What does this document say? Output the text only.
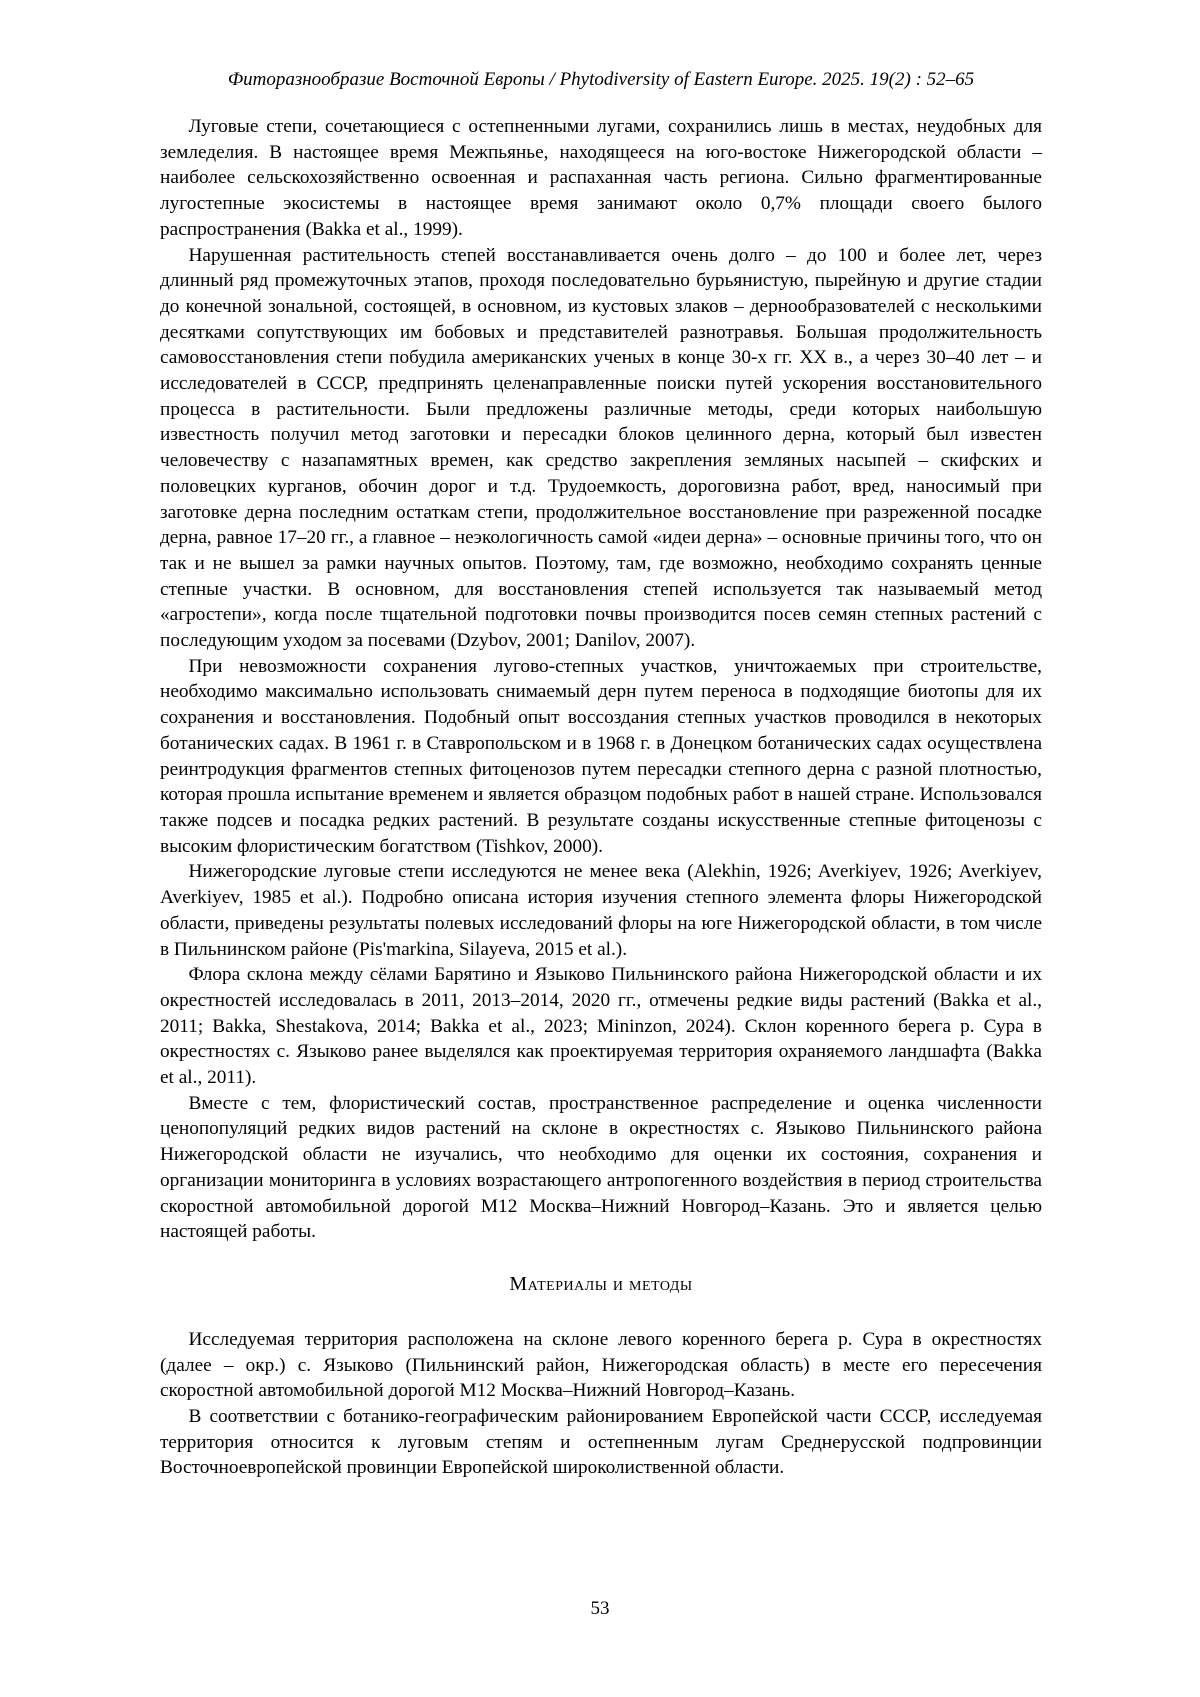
Фиторазнообразие Восточной Европы / Phytodiversity of Eastern Europe. 2025. 19(2) : 52–65

Луговые степи, сочетающиеся с остепненными лугами, сохранились лишь в местах, неудобных для земледелия. В настоящее время Межпьянье, находящееся на юго-востоке Нижегородской области – наиболее сельскохозяйственно освоенная и распаханная часть региона. Сильно фрагментированные лугостепные экосистемы в настоящее время занимают около 0,7% площади своего былого распространения (Bakka et al., 1999).

Нарушенная растительность степей восстанавливается очень долго – до 100 и более лет, через длинный ряд промежуточных этапов, проходя последовательно бурьянистую, пырейную и другие стадии до конечной зональной, состоящей, в основном, из кустовых злаков – дернообразователей с несколькими десятками сопутствующих им бобовых и представителей разнотравья. Большая продолжительность самовосстановления степи побудила американских ученых в конце 30-х гг. XX в., а через 30–40 лет – и исследователей в СССР, предпринять целенаправленные поиски путей ускорения восстановительного процесса в растительности. Были предложены различные методы, среди которых наибольшую известность получил метод заготовки и пересадки блоков целинного дерна, который был известен человечеству с назапамятных времен, как средство закрепления земляных насыпей – скифских и половецких курганов, обочин дорог и т.д. Трудоемкость, дороговизна работ, вред, наносимый при заготовке дерна последним остаткам степи, продолжительное восстановление при разреженной посадке дерна, равное 17–20 гг., а главное – неэкологичность самой «идеи дерна» – основные причины того, что он так и не вышел за рамки научных опытов. Поэтому, там, где возможно, необходимо сохранять ценные степные участки. В основном, для восстановления степей используется так называемый метод «агростепи», когда после тщательной подготовки почвы производится посев семян степных растений с последующим уходом за посевами (Dzybov, 2001; Danilov, 2007).

При невозможности сохранения лугово-степных участков, уничтожаемых при строительстве, необходимо максимально использовать снимаемый дерн путем переноса в подходящие биотопы для их сохранения и восстановления. Подобный опыт воссоздания степных участков проводился в некоторых ботанических садах. В 1961 г. в Ставропольском и в 1968 г. в Донецком ботанических садах осуществлена реинтродукция фрагментов степных фитоценозов путем пересадки степного дерна с разной плотностью, которая прошла испытание временем и является образцом подобных работ в нашей стране. Использовался также подсев и посадка редких растений. В результате созданы искусственные степные фитоценозы с высоким флористическим богатством (Tishkov, 2000).

Нижегородские луговые степи исследуются не менее века (Alekhin, 1926; Averkiyev, 1926; Averkiyev, Averkiyev, 1985 et al.). Подробно описана история изучения степного элемента флоры Нижегородской области, приведены результаты полевых исследований флоры на юге Нижегородской области, в том числе в Пильнинском районе (Pis'markina, Silayeva, 2015 et al.).

Флора склона между сёлами Барятино и Языково Пильнинского района Нижегородской области и их окрестностей исследовалась в 2011, 2013–2014, 2020 гг., отмечены редкие виды растений (Bakka et al., 2011; Bakka, Shestakova, 2014; Bakka et al., 2023; Mininzon, 2024). Склон коренного берега р. Сура в окрестностях с. Языково ранее выделялся как проектируемая территория охраняемого ландшафта (Bakka et al., 2011).

Вместе с тем, флористический состав, пространственное распределение и оценка численности ценопопуляций редких видов растений на склоне в окрестностях с. Языково Пильнинского района Нижегородской области не изучались, что необходимо для оценки их состояния, сохранения и организации мониторинга в условиях возрастающего антропогенного воздействия в период строительства скоростной автомобильной дорогой М12 Москва–Нижний Новгород–Казань. Это и является целью настоящей работы.

Материалы и методы

Исследуемая территория расположена на склоне левого коренного берега р. Сура в окрестностях (далее – окр.) с. Языково (Пильнинский район, Нижегородская область) в месте его пересечения скоростной автомобильной дорогой М12 Москва–Нижний Новгород–Казань.

В соответствии с ботанико-географическим районированием Европейской части СССР, исследуемая территория относится к луговым степям и остепненным лугам Среднерусской подпровинции Восточноевропейской провинции Европейской широколиственной области.

53
